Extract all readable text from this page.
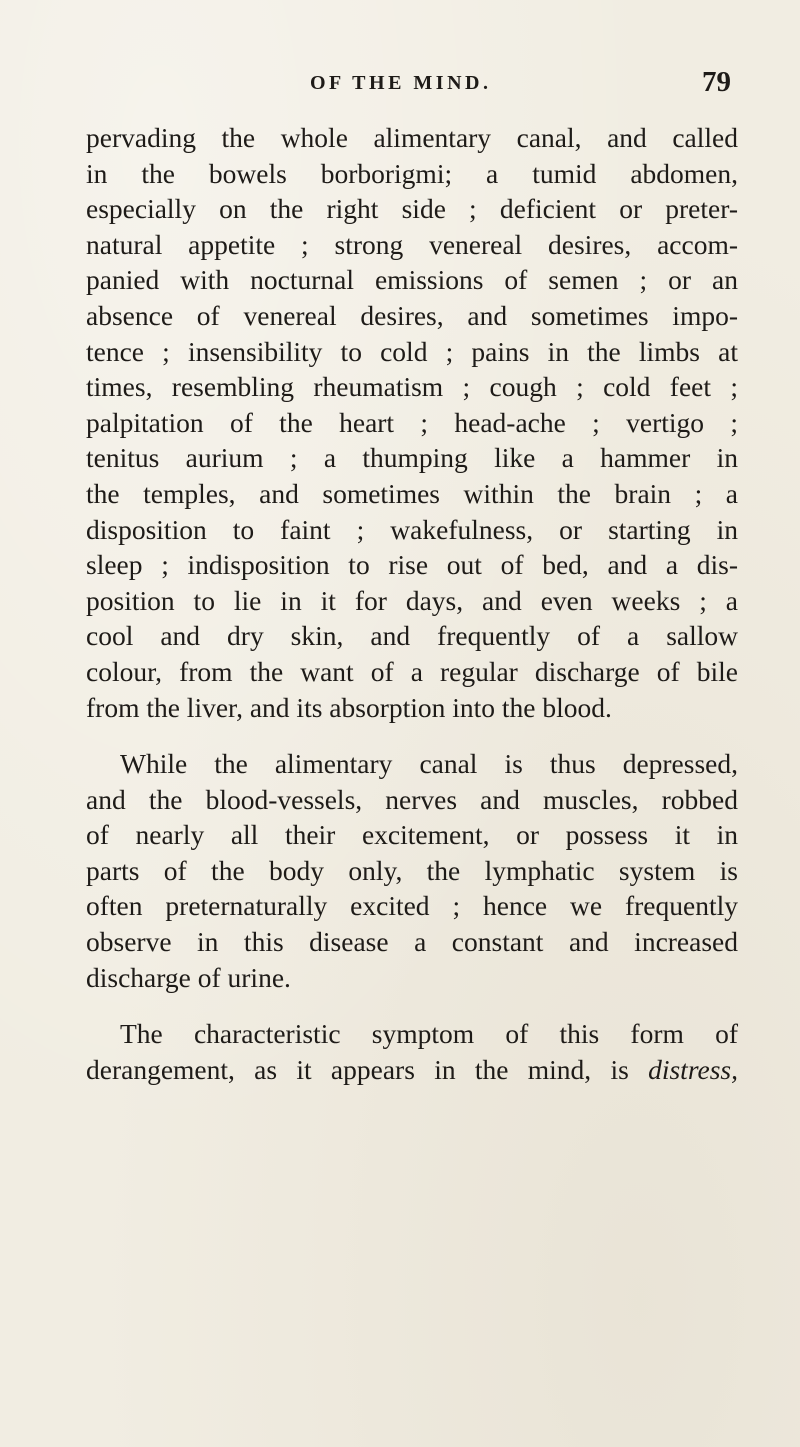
OF THE MIND.	79
pervading the whole alimentary canal, and called
in the bowels borborigmi; a tumid abdomen,
especially on the right side ; deficient or preter-
natural appetite ; strong venereal desires, accom-
panied with nocturnal emissions of semen ; or an
absence of venereal desires, and sometimes impo-
tence ; insensibility to cold ; pains in the limbs at
times, resembling rheumatism ; cough ; cold feet ;
palpitation of the heart ; head-ache ; vertigo ;
tenitus aurium ; a thumping like a hammer in
the temples, and sometimes within the brain ; a
disposition to faint ; wakefulness, or starting in
sleep ; indisposition to rise out of bed, and a dis-
position to lie in it for days, and even weeks ; a
cool and dry skin, and frequently of a sallow
colour, from the want of a regular discharge of bile
from the liver, and its absorption into the blood.
While the alimentary canal is thus depressed,
and the blood-vessels, nerves and muscles, robbed
of nearly all their excitement, or possess it in
parts of the body only, the lymphatic system is
often preternaturally excited ; hence we frequently
observe in this disease a constant and increased
discharge of urine.
The characteristic symptom of this form of
derangement, as it appears in the mind, is distress,
